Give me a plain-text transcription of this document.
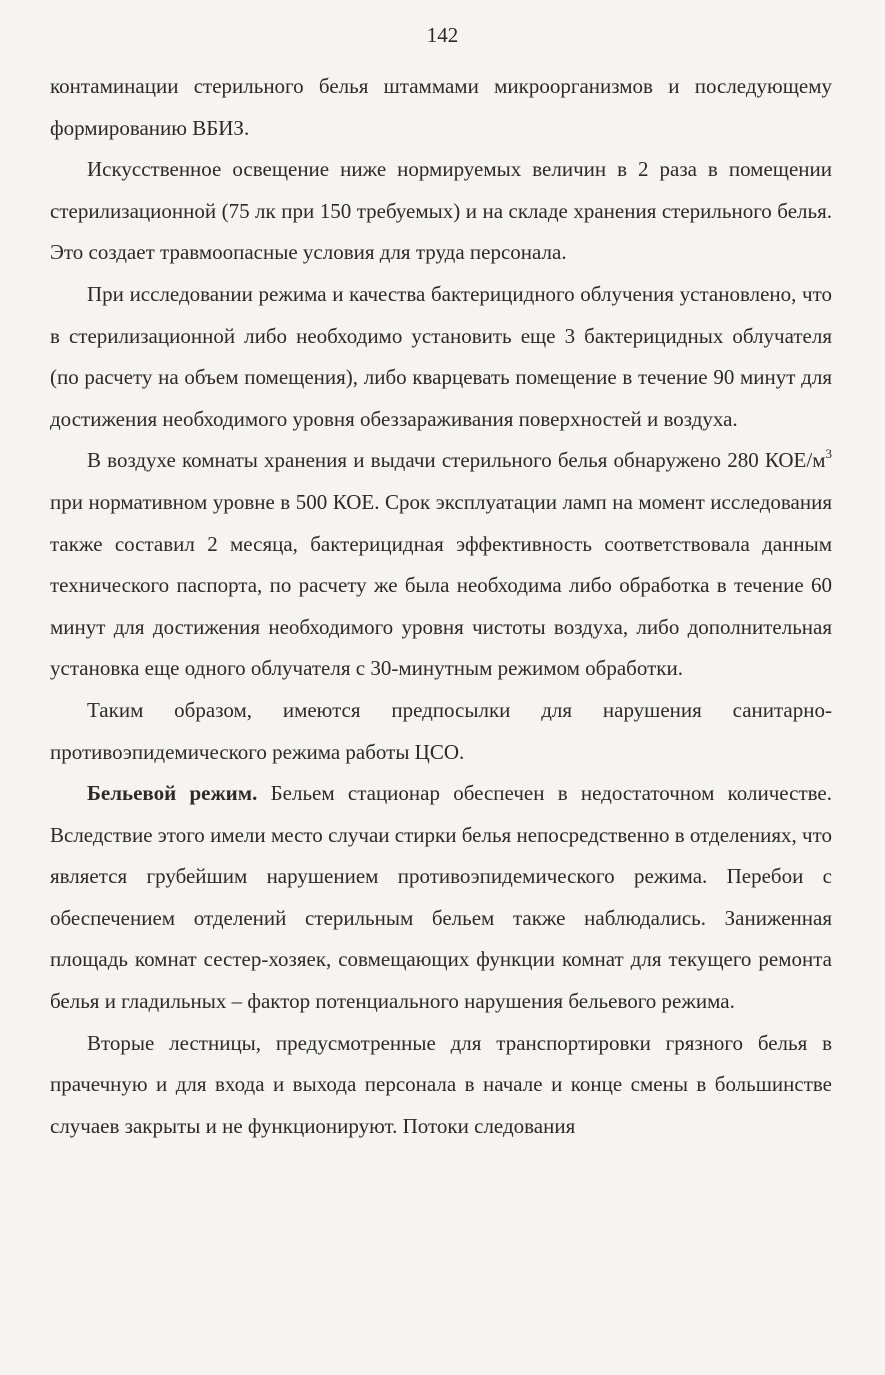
142

контаминации стерильного белья штаммами микроорганизмов и последующему формированию ВБИЗ.

Искусственное освещение ниже нормируемых величин в 2 раза в помещении стерилизационной (75 лк при 150 требуемых) и на складе хранения стерильного белья. Это создает травмоопасные условия для труда персонала.

При исследовании режима и качества бактерицидного облучения установлено, что в стерилизационной либо необходимо установить еще 3 бактерицидных облучателя (по расчету на объем помещения), либо кварцевать помещение в течение 90 минут для достижения необходимого уровня обеззараживания поверхностей и воздуха.

В воздухе комнаты хранения и выдачи стерильного белья обнаружено 280 КОЕ/$м^3$ при нормативном уровне в 500 КОЕ. Срок эксплуатации ламп на момент исследования также составил 2 месяца, бактерицидная эффективность соответствовала данным технического паспорта, по расчету же была необходима либо обработка в течение 60 минут для достижения необходимого уровня чистоты воздуха, либо дополнительная установка еще одного облучателя с 30-минутным режимом обработки.

Таким образом, имеются предпосылки для нарушения санитарно-противоэпидемического режима работы ЦСО.

Бельевой режим. Бельем стационар обеспечен в недостаточном количестве. Вследствие этого имели место случаи стирки белья непосредственно в отделениях, что является грубейшим нарушением противоэпидемического режима. Перебои с обеспечением отделений стерильным бельем также наблюдались. Заниженная площадь комнат сестер-хозяек, совмещающих функции комнат для текущего ремонта белья и гладильных – фактор потенциального нарушения бельевого режима.

Вторые лестницы, предусмотренные для транспортировки грязного белья в прачечную и для входа и выхода персонала в начале и конце смены в большинстве случаев закрыты и не функционируют. Потоки следования
